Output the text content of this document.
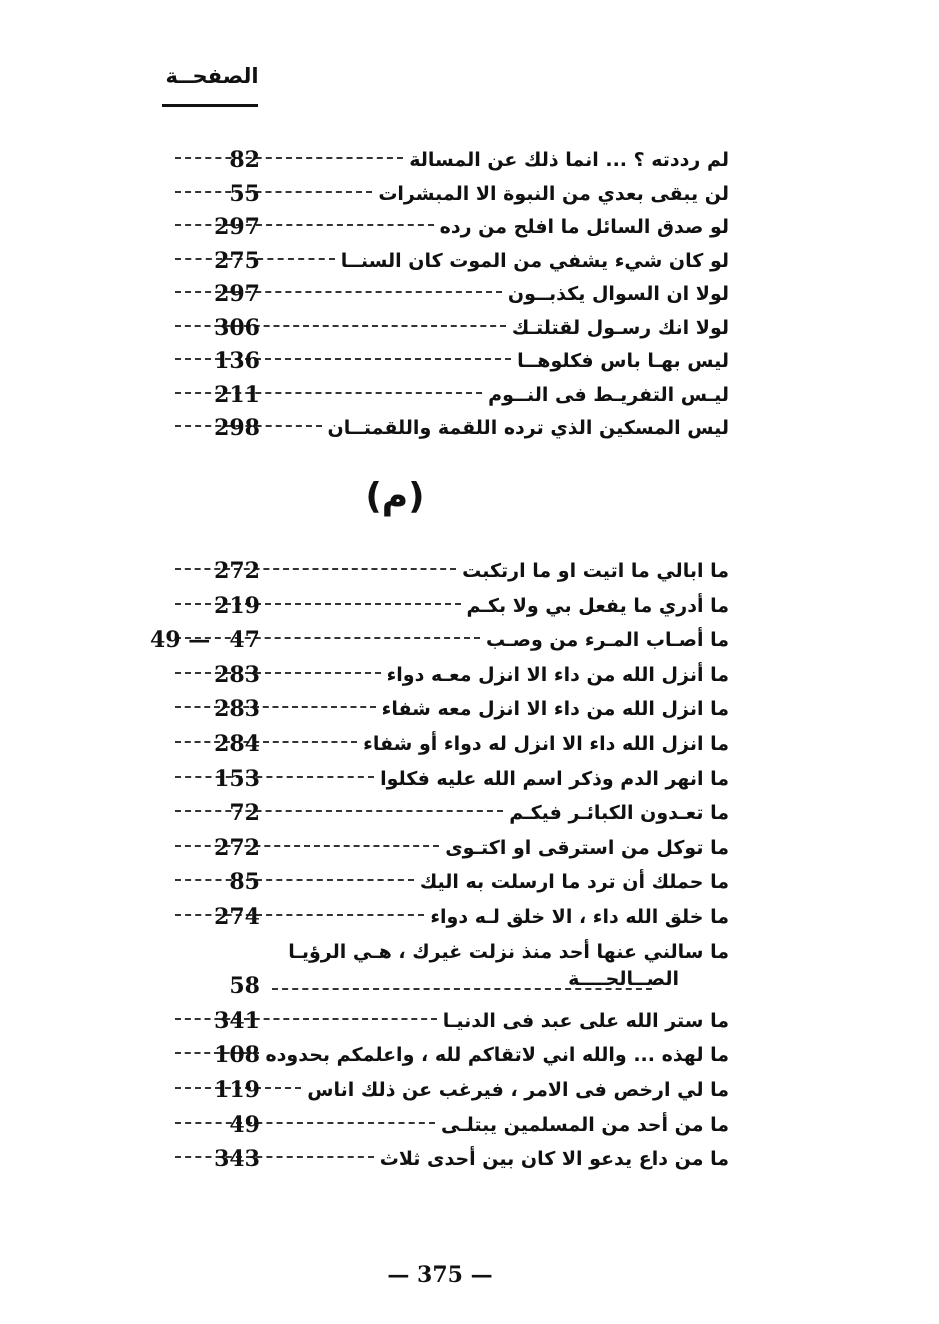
الصفحــة
(م)
— 375 —
لم رددته ؟ ... انما ذلك عن المسالة
82
لن يبقى بعدي من النبوة الا المبشرات
55
لو صدق السائل ما افلح من رده
297
لو كان شيء يشفي من الموت كان السنــا
275
لولا ان السوال يكذبــون
297
لولا انك رسـول لقتلتـك
306
ليس بهـا باس فكلوهــا
136
ليـس التفريـط فى النــوم
211
ليس المسكين الذي ترده اللقمة واللقمتــان
298
ما ابالي ما اتيت او ما ارتكبت
272
ما أدري ما يفعل بي ولا بكـم
219
ما أصـاب المـرء من وصـب
47
49 —
ما أنزل الله من داء الا انزل معـه دواء
283
ما انزل الله من داء الا انزل معه شفاء
283
ما انزل الله داء الا انزل له دواء أو شفاء
284
ما انهر الدم وذكر اسم الله عليه فكلوا
153
ما تعـدون الكبائـر فيكـم
72
ما توكل من استرقى او اكتـوى
272
ما حملك أن ترد ما ارسلت به اليك
85
ما خلق الله داء ، الا خلق لـه دواء
274
ما سالني عنها أحد منذ نزلت غيرك ، هـي الرؤيـا
الصــالحــــة
58
ما ستر الله على عبد فى الدنيـا
341
ما لهذه ... والله اني لاتقاكم لله ، واعلمكم بحدوده
108
ما لي ارخص فى الامر ، فيرغب عن ذلك اناس
119
ما من أحد من المسلمين يبتلـى
49
ما من داع يدعو الا كان بين أحدى ثلاث
343
